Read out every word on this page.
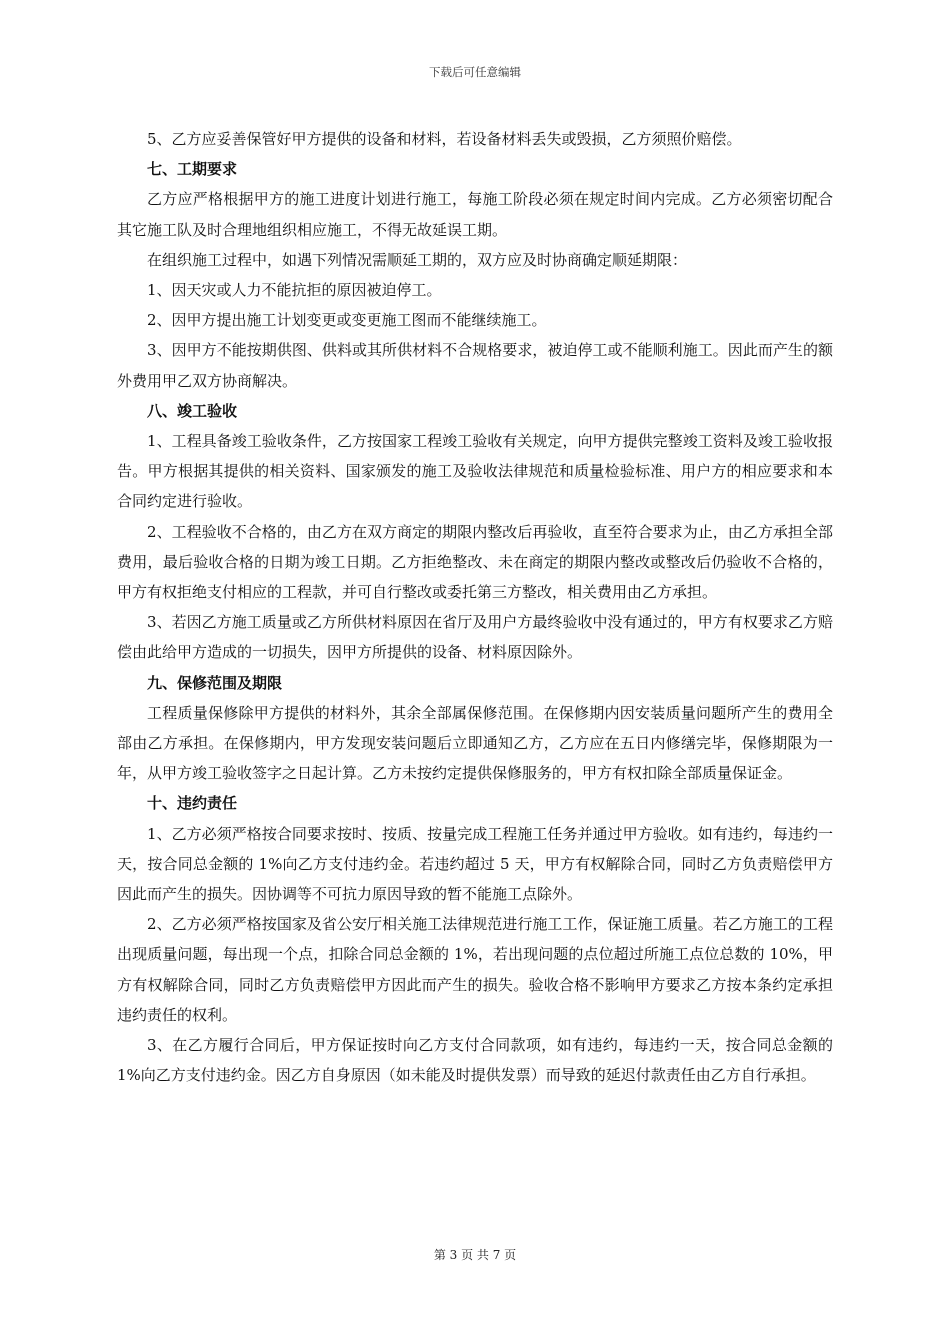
下载后可任意编辑

5、乙方应妥善保管好甲方提供的设备和材料，若设备材料丢失或毁损，乙方须照价赔偿。

七、工期要求

乙方应严格根据甲方的施工进度计划进行施工，每施工阶段必须在规定时间内完成。乙方必须密切配合其它施工队及时合理地组织相应施工，不得无故延误工期。

在组织施工过程中，如遇下列情况需顺延工期的，双方应及时协商确定顺延期限：

1、因天灾或人力不能抗拒的原因被迫停工。

2、因甲方提出施工计划变更或变更施工图而不能继续施工。

3、因甲方不能按期供图、供料或其所供材料不合规格要求，被迫停工或不能顺利施工。因此而产生的额外费用甲乙双方协商解决。

八、竣工验收

1、工程具备竣工验收条件，乙方按国家工程竣工验收有关规定，向甲方提供完整竣工资料及竣工验收报告。甲方根据其提供的相关资料、国家颁发的施工及验收法律规范和质量检验标准、用户方的相应要求和本合同约定进行验收。

2、工程验收不合格的，由乙方在双方商定的期限内整改后再验收，直至符合要求为止，由乙方承担全部费用，最后验收合格的日期为竣工日期。乙方拒绝整改、未在商定的期限内整改或整改后仍验收不合格的，甲方有权拒绝支付相应的工程款，并可自行整改或委托第三方整改，相关费用由乙方承担。

3、若因乙方施工质量或乙方所供材料原因在省厅及用户方最终验收中没有通过的，甲方有权要求乙方赔偿由此给甲方造成的一切损失，因甲方所提供的设备、材料原因除外。

九、保修范围及期限

工程质量保修除甲方提供的材料外，其余全部属保修范围。在保修期内因安装质量问题所产生的费用全部由乙方承担。在保修期内，甲方发现安装问题后立即通知乙方，乙方应在五日内修缮完毕，保修期限为一年，从甲方竣工验收签字之日起计算。乙方未按约定提供保修服务的，甲方有权扣除全部质量保证金。

十、违约责任

1、乙方必须严格按合同要求按时、按质、按量完成工程施工任务并通过甲方验收。如有违约，每违约一天，按合同总金额的 1%向乙方支付违约金。若违约超过 5 天，甲方有权解除合同，同时乙方负责赔偿甲方因此而产生的损失。因协调等不可抗力原因导致的暂不能施工点除外。

2、乙方必须严格按国家及省公安厅相关施工法律规范进行施工工作，保证施工质量。若乙方施工的工程出现质量问题，每出现一个点，扣除合同总金额的 1%，若出现问题的点位超过所施工点位总数的 10%，甲方有权解除合同，同时乙方负责赔偿甲方因此而产生的损失。验收合格不影响甲方要求乙方按本条约定承担违约责任的权利。

3、在乙方履行合同后，甲方保证按时向乙方支付合同款项，如有违约，每违约一天，按合同总金额的 1%向乙方支付违约金。因乙方自身原因（如未能及时提供发票）而导致的延迟付款责任由乙方自行承担。

第 3 页 共 7 页
